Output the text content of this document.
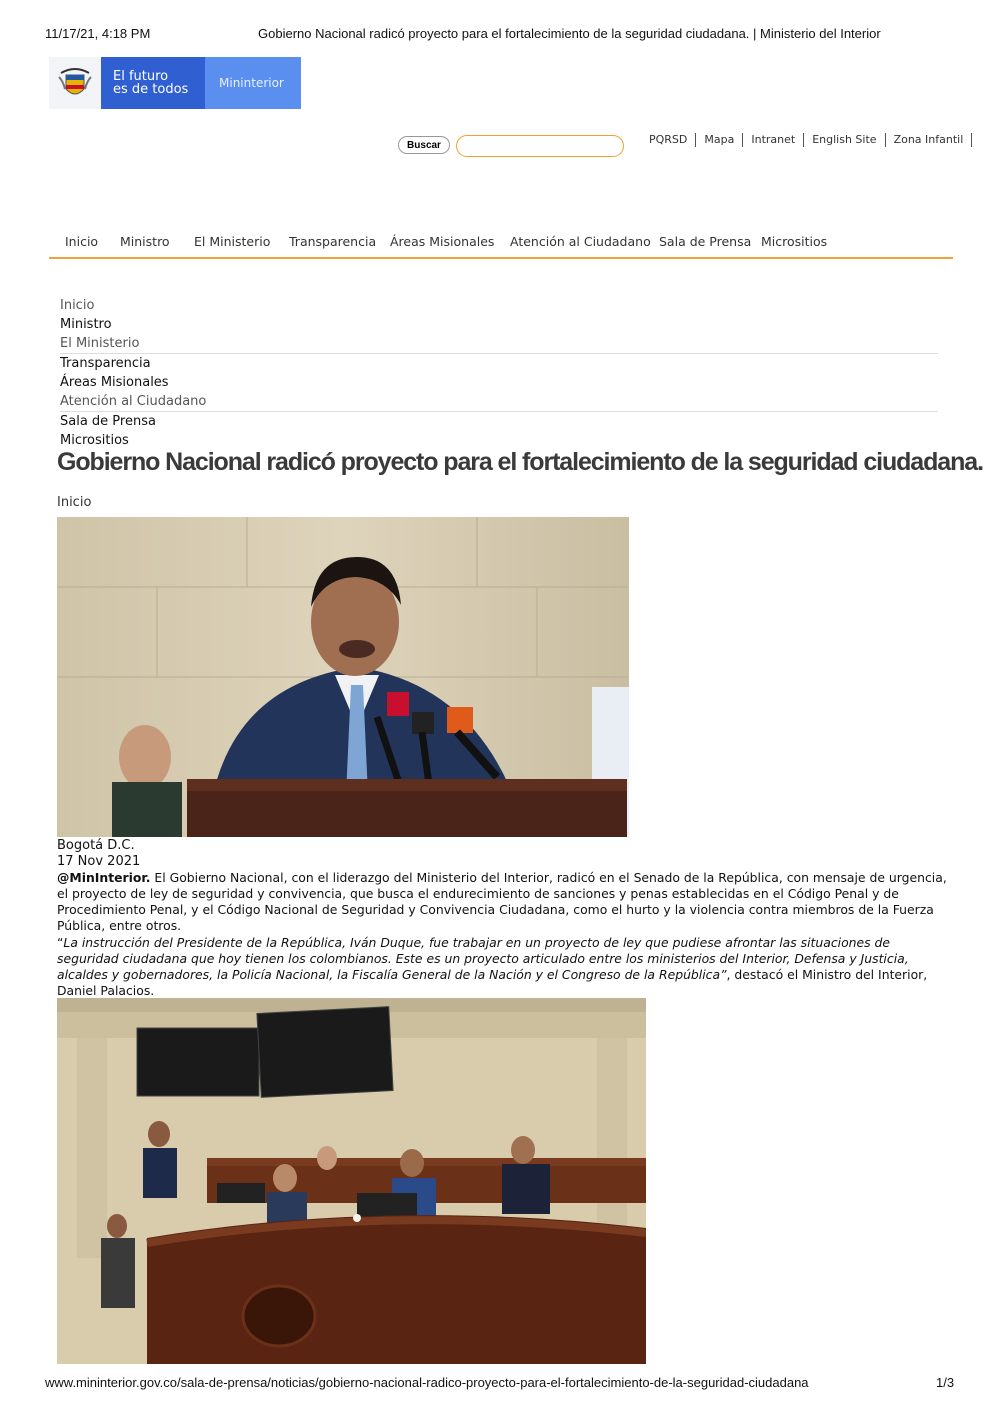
11/17/21, 4:18 PM	Gobierno Nacional radicó proyecto para el fortalecimiento de la seguridad ciudadana. | Ministerio del Interior
El futuro
es de todos	Mininterior
Buscar	PQRSD	Mapa	Intranet	English Site	Zona Infantil
Inicio Ministro El Ministerio Transparencia Áreas Misionales Atención al Ciudadano Sala de Prensa Micrositios
Inicio
Ministro
El Ministerio
Transparencia
Áreas Misionales
Atención al Ciudadano
Sala de Prensa
Micrositios
Gobierno Nacional radicó proyecto para el fortalecimiento de la seguridad ciudadana.
Inicio
Bogotá D.C.
17 Nov 2021

@MinInterior. El Gobierno Nacional, con el liderazgo del Ministerio del Interior, radicó en el Senado de la República, con mensaje de urgencia, el proyecto de ley de seguridad y convivencia, que busca el endurecimiento de sanciones y penas establecidas en el Código Penal y de Procedimiento Penal, y el Código Nacional de Seguridad y Convivencia Ciudadana, como el hurto y la violencia contra miembros de la Fuerza Pública, entre otros.

“La instrucción del Presidente de la República, Iván Duque, fue trabajar en un proyecto de ley que pudiese afrontar las situaciones de seguridad ciudadana que hoy tienen los colombianos. Este es un proyecto articulado entre los ministerios del Interior, Defensa y Justicia, alcaldes y gobernadores, la Policía Nacional, la Fiscalía General de la Nación y el Congreso de la República”, destacó el Ministro del Interior, Daniel Palacios.

www.mininterior.gov.co/sala-de-prensa/noticias/gobierno-nacional-radico-proyecto-para-el-fortalecimiento-de-la-seguridad-ciudadana	1/3
